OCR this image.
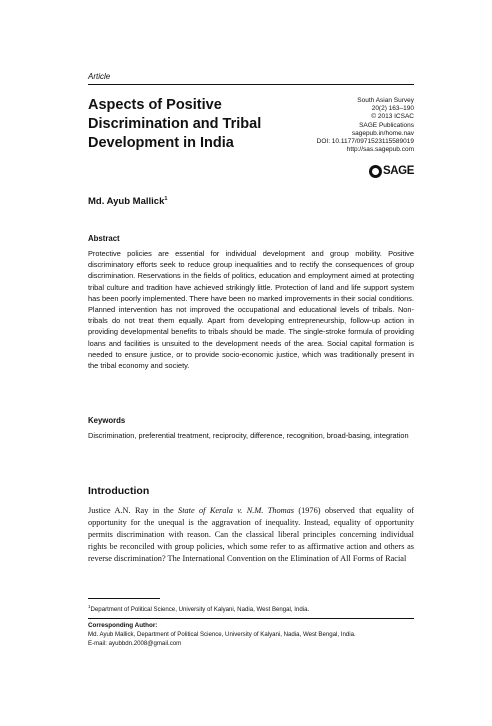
Article
Aspects of Positive
Discrimination and Tribal
Development in India
South Asian Survey
20(2) 163–190
© 2013 ICSAC
SAGE Publications
sagepub.in/home.nav
DOI: 10.1177/0971523115589019
http://sas.sagepub.com
SAGE
Md. Ayub Mallick$^1$
Abstract
Protective policies are essential for individual development and group mobility. Positive discriminatory efforts seek to reduce group inequalities and to rectify the consequences of group discrimination. Reservations in the fields of politics, education and employment aimed at protecting tribal culture and tradition have achieved strikingly little. Protection of land and life support system has been poorly implemented. There have been no marked improvements in their social conditions. Planned intervention has not improved the occupational and educational levels of tribals. Non-tribals do not treat them equally. Apart from developing entrepreneurship, follow-up action in providing developmental benefits to tribals should be made. The single-stroke formula of providing loans and facilities is unsuited to the development needs of the area. Social capital formation is needed to ensure justice, or to provide socio-economic justice, which was traditionally present in the tribal economy and society.
Keywords
Discrimination, preferential treatment, reciprocity, difference, recognition, broad-basing, integration
Introduction
Justice A.N. Ray in the State of Kerala v. N.M. Thomas (1976) observed that equality of opportunity for the unequal is the aggravation of inequality. Instead, equality of opportunity permits discrimination with reason. Can the classical liberal principles concerning individual rights be reconciled with group policies, which some refer to as affirmative action and others as reverse discrimination? The International Convention on the Elimination of All Forms of Racial
$^1$Department of Political Science, University of Kalyani, Nadia, West Bengal, India.
Corresponding Author:
Md. Ayub Mallick, Department of Political Science, University of Kalyani, Nadia, West Bengal, India.
E-mail: ayubbdn.2008@gmail.com
